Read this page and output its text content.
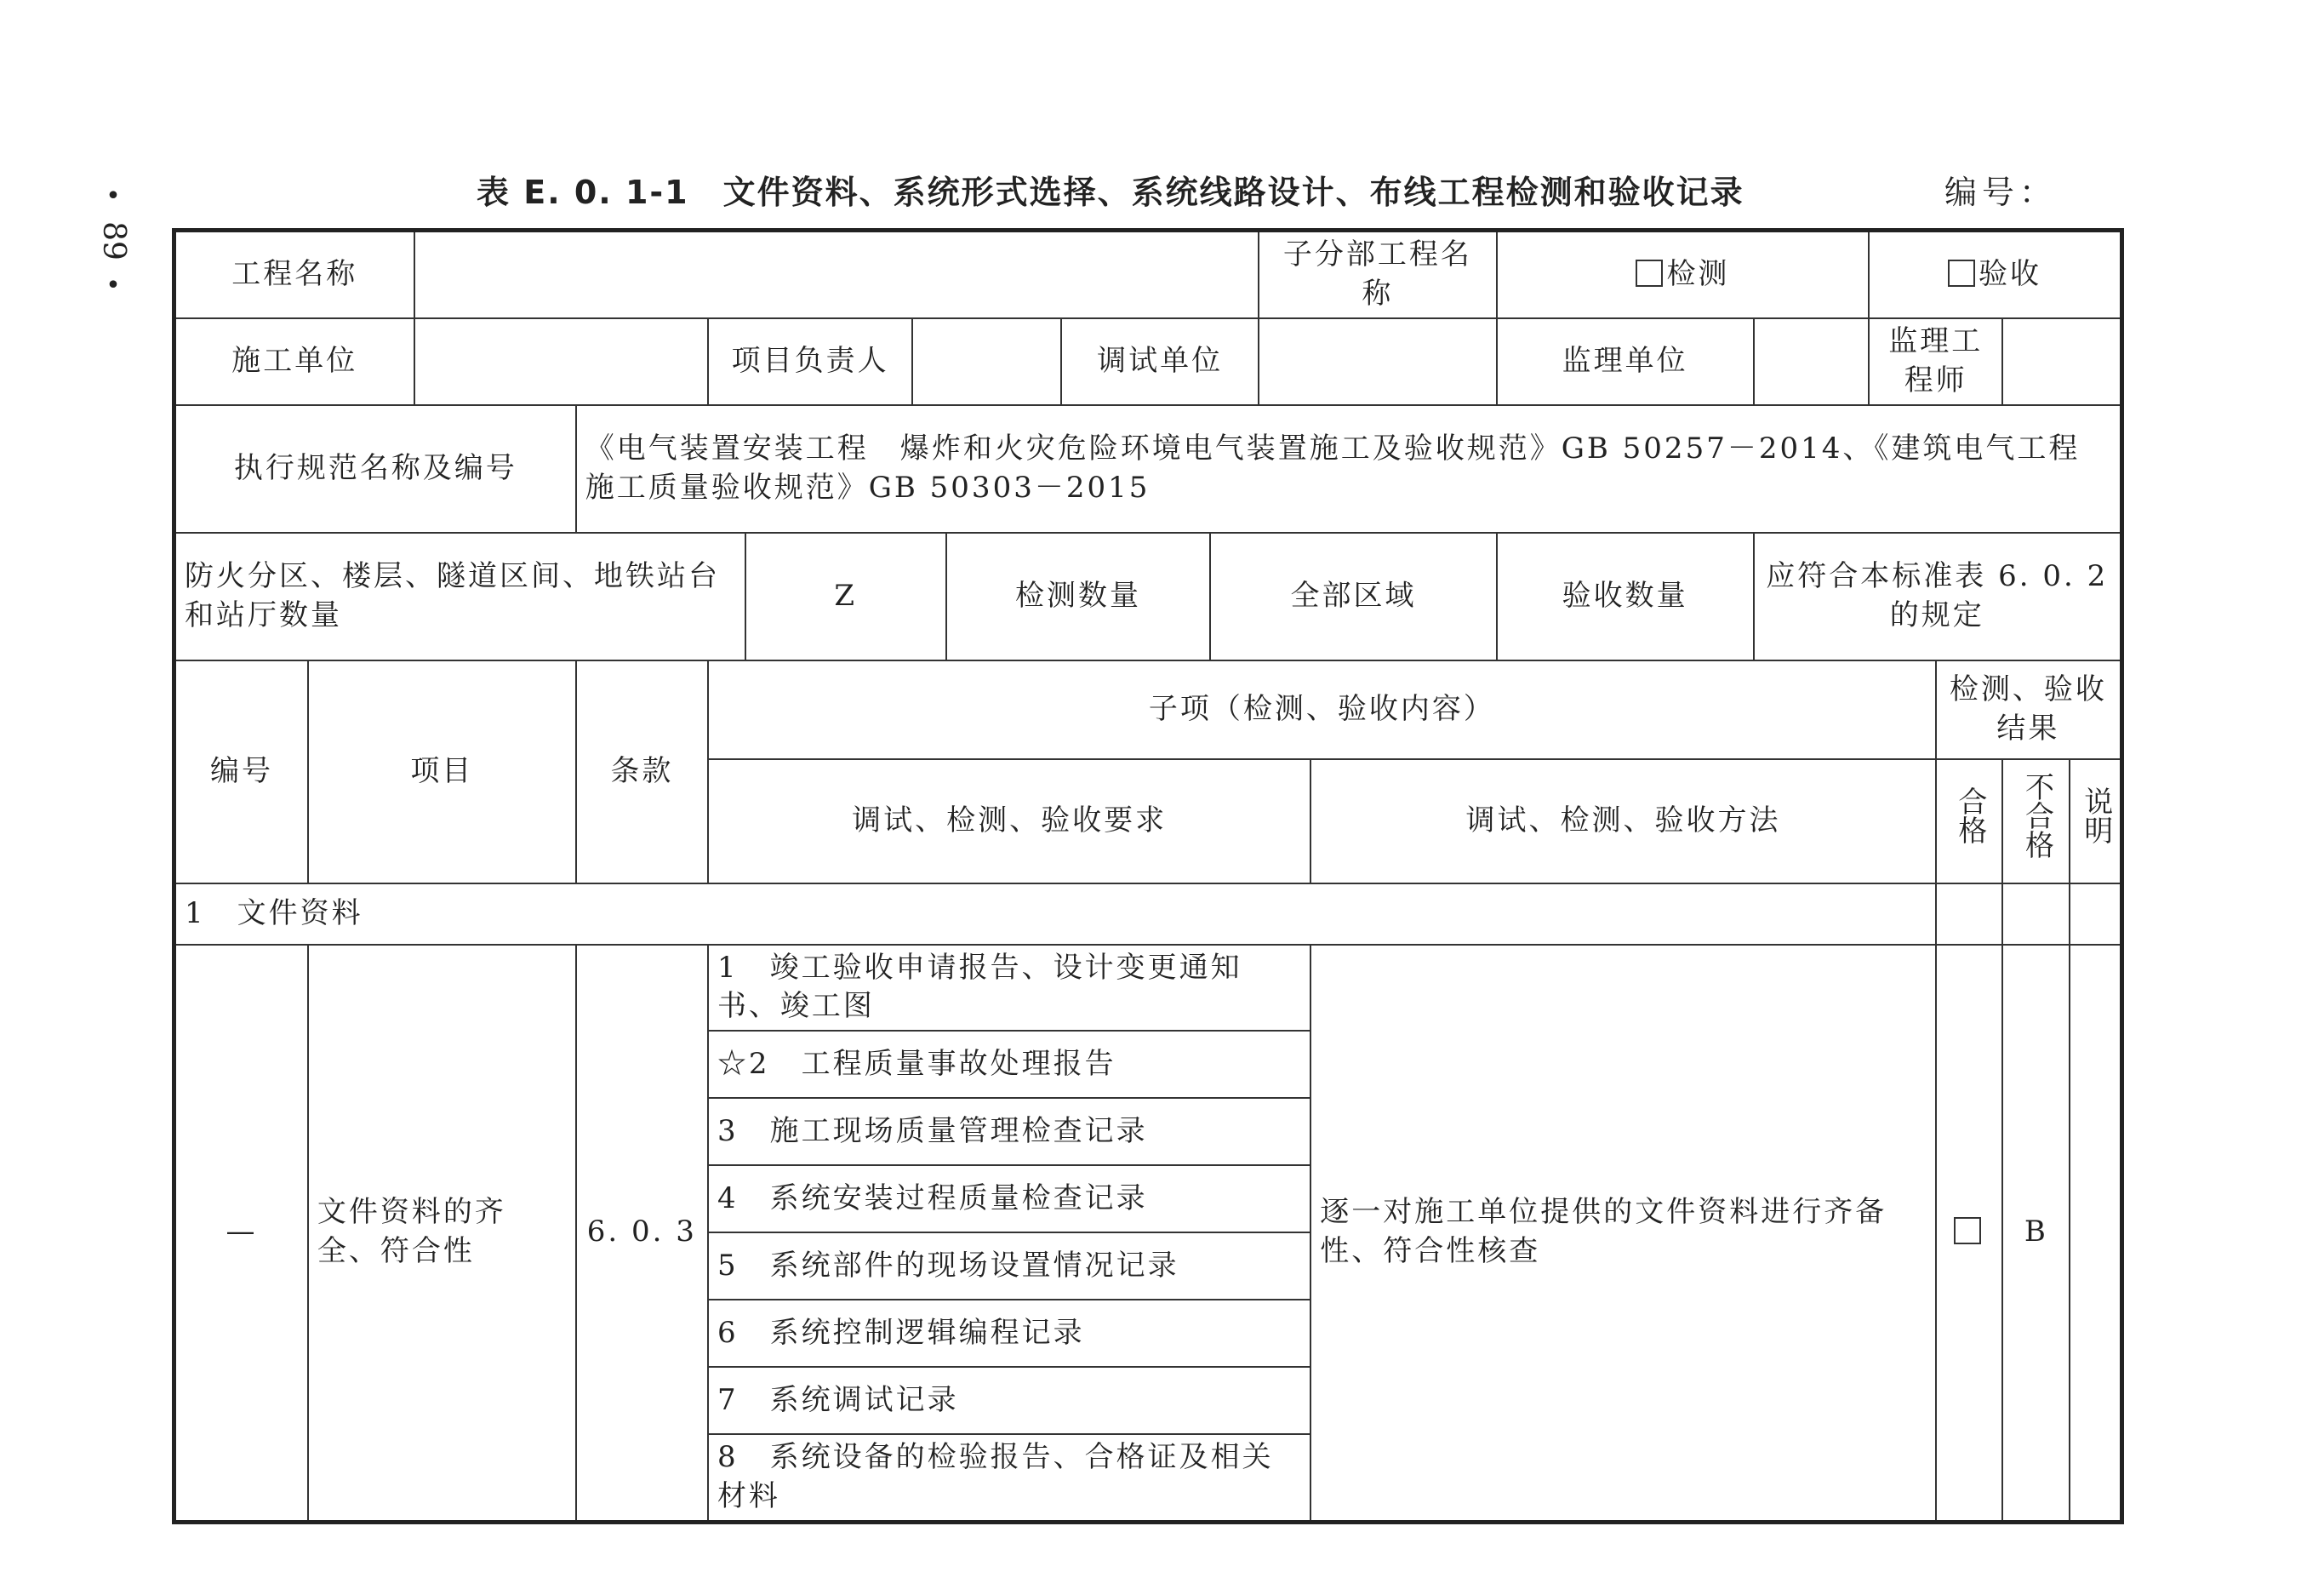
•
89
•
表 E. 0. 1-1　文件资料、系统形式选择、系统线路设计、布线工程检测和验收记录	编号：
工程名称										子分部工程名称		检测		验收			
施工单位				项目负责人				调试单位				监理单位		监理工程师			
执行规范名称及编号			《电气装置安装工程　爆炸和火灾危险环境电气装置施工及验收规范》GB 50257－2014、《建筑电气工程施工质量验收规范》GB 50303－2015														
防火分区、楼层、隧道区间、地铁站台和站厅数量					Z		检测数量		全部区域			验收数量	应符合本标准表 6. 0. 2 的规定				
编号	项目		条款	子项（检测、验收内容）											检测、验收结果		
				调试、检测、验收要求							调试、检测、验收方法				合格	不合格	说明
1　文件资料																	
—	文件资料的齐全、符合性		6. 0. 3	1　竣工验收申请报告、设计变更通知书、竣工图							逐一对施工单位提供的文件资料进行齐备性、符合性核查					B	
				☆2　工程质量事故处理报告													
				3　施工现场质量管理检查记录													
				4　系统安装过程质量检查记录													
				5　系统部件的现场设置情况记录													
				6　系统控制逻辑编程记录													
				7　系统调试记录													
				8　系统设备的检验报告、合格证及相关材料													
